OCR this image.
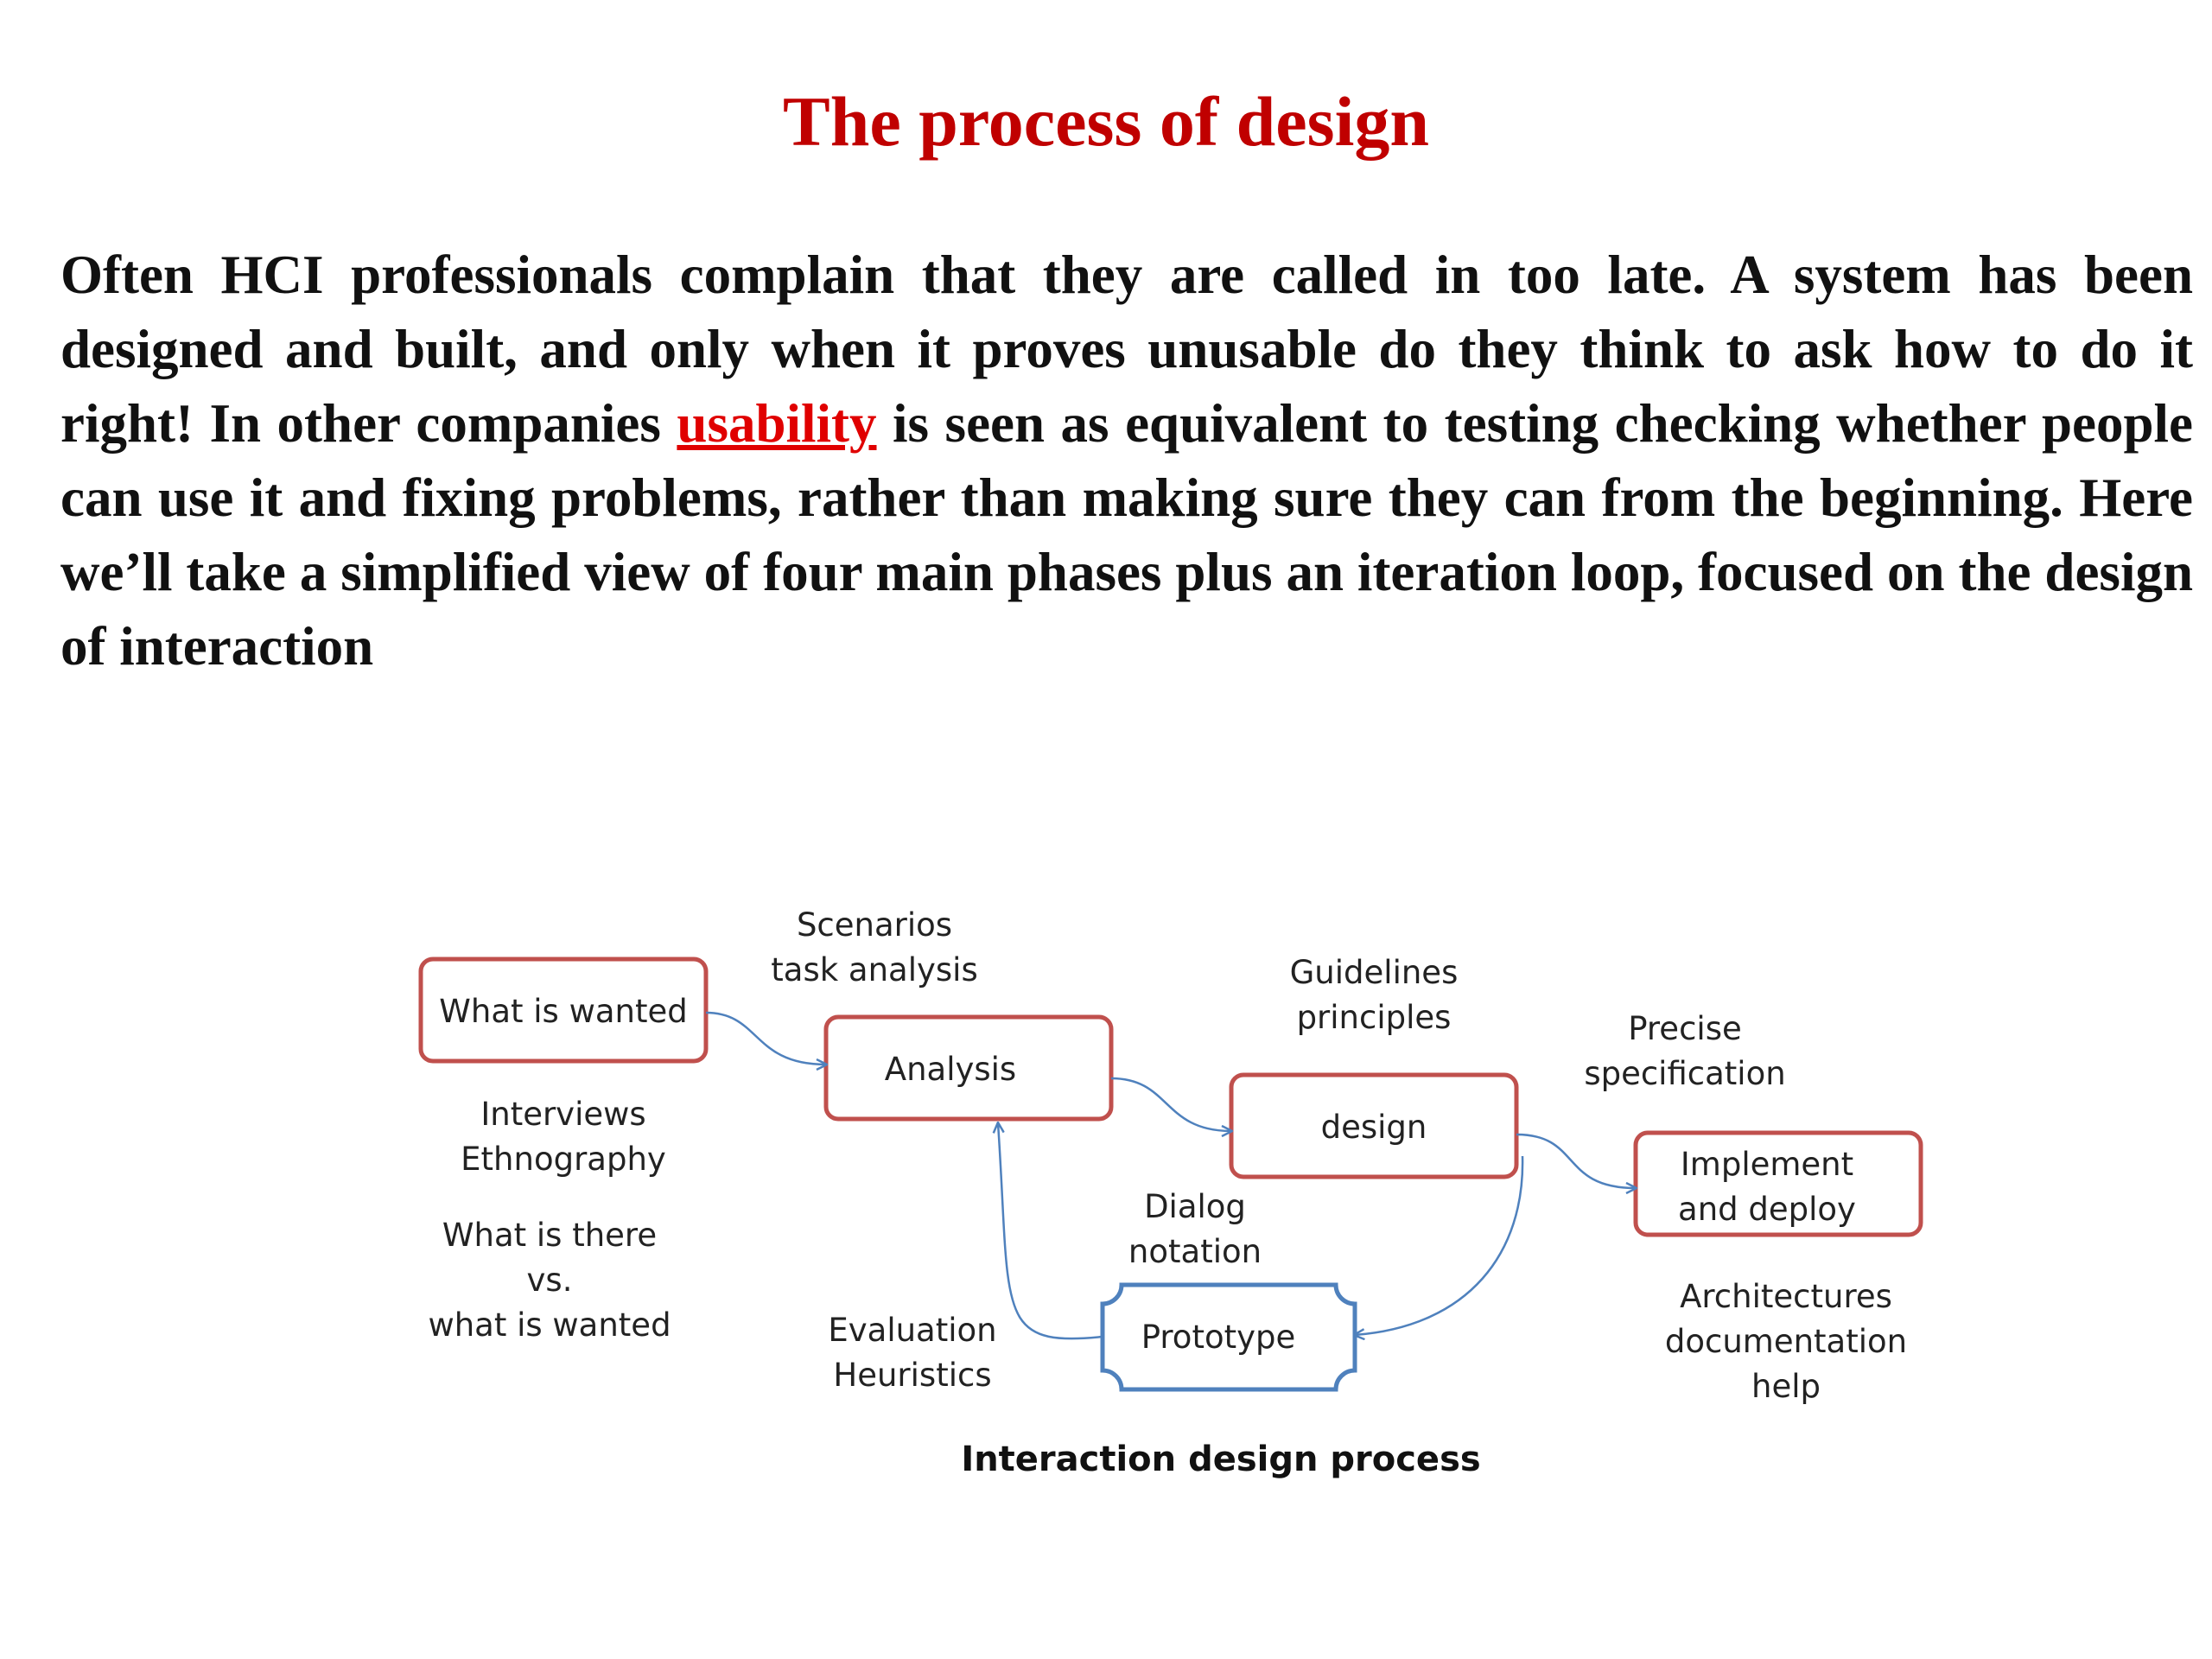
The process of design

Often HCI professionals complain that they are called in too late. A system has been designed and built, and only when it proves unusable do they think to ask how to do it right! In other companies usability is seen as equivalent to testing checking whether people can use it and fixing problems, rather than making sure they can from the beginning. Here we’ll take a simplified view of four main phases plus an iteration loop, focused on the design of interaction

What is wanted
Analysis
design
Implement
and deploy
Prototype
Scenarios
task analysis	Guidelines
principles	Precise
specification
Interviews
Ethnography
What is there
vs.
what is wanted
Dialog
notation
Evaluation
Heuristics
Architectures
documentation
help
Interaction design process
